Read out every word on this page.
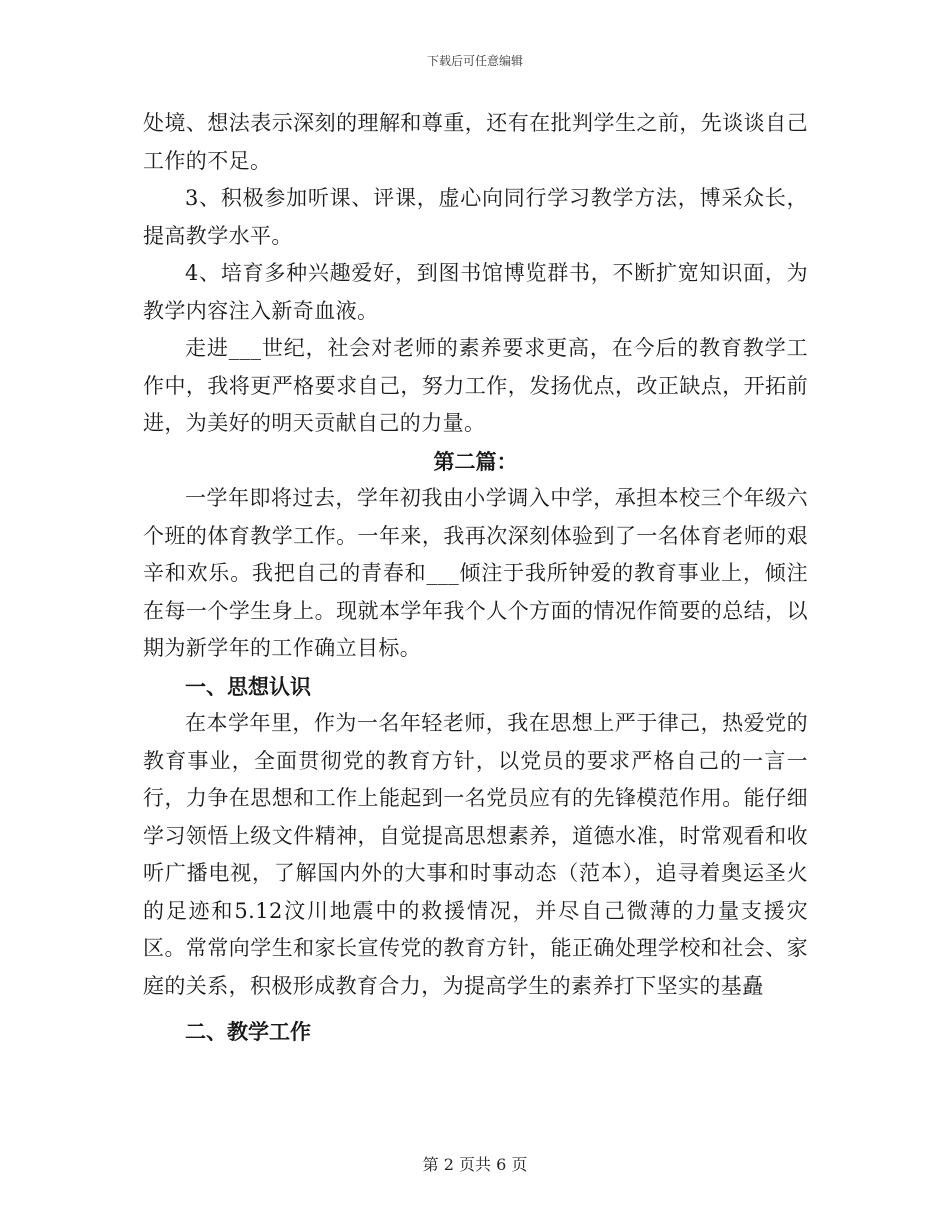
下载后可任意编辑

处境、想法表示深刻的理解和尊重，还有在批判学生之前，先谈谈自己工作的不足。

3、积极参加听课、评课，虚心向同行学习教学方法，博采众长，提高教学水平。

4、培育多种兴趣爱好，到图书馆博览群书，不断扩宽知识面，为教学内容注入新奇血液。

走进___世纪，社会对老师的素养要求更高，在今后的教育教学工作中，我将更严格要求自己，努力工作，发扬优点，改正缺点，开拓前进，为美好的明天贡献自己的力量。

第二篇：

一学年即将过去，学年初我由小学调入中学，承担本校三个年级六个班的体育教学工作。一年来，我再次深刻体验到了一名体育老师的艰辛和欢乐。我把自己的青春和___倾注于我所钟爱的教育事业上，倾注在每一个学生身上。现就本学年我个人个方面的情况作简要的总结，以期为新学年的工作确立目标。

一、思想认识

在本学年里，作为一名年轻老师，我在思想上严于律己，热爱党的教育事业，全面贯彻党的教育方针，以党员的要求严格自己的一言一行，力争在思想和工作上能起到一名党员应有的先锋模范作用。能仔细学习领悟上级文件精神，自觉提高思想素养，道德水准，时常观看和收听广播电视，了解国内外的大事和时事动态（范本），追寻着奥运圣火的足迹和5.12汶川地震中的救援情况，并尽自己微薄的力量支援灾区。常常向学生和家长宣传党的教育方针，能正确处理学校和社会、家庭的关系，积极形成教育合力，为提高学生的素养打下坚实的基矗

二、教学工作

第 2 页共 6 页
